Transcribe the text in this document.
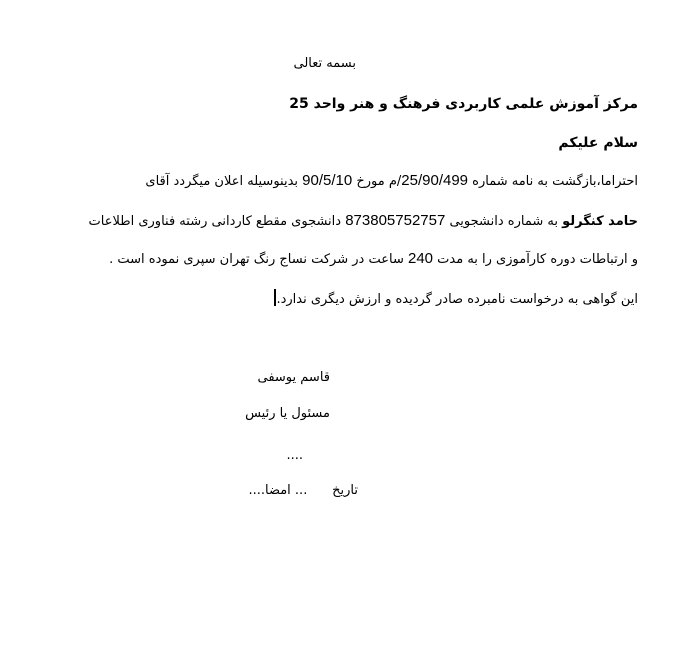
بسمه تعالی
مرکز آموزش علمی کاربردی فرهنگ و هنر واحد 25
سلام علیکم
احتراما،بازگشت به نامه شماره 25/90/499/م مورخ 90/5/10 بدینوسیله اعلان میگردد آقای
حامد کنگرلو به شماره دانشجویی 873805752757 دانشجوی مقطع کاردانی رشته فناوری اطلاعات
و ارتباطات دوره کارآموزی را به مدت 240 ساعت در شرکت نساج رنگ تهران سپری نموده است .
این گواهی به درخواست نامبرده صادر گردیده و ارزش دیگری ندارد.
قاسم یوسفی
مسئول یا رئیس
....
تاریخ      ... امضا....
